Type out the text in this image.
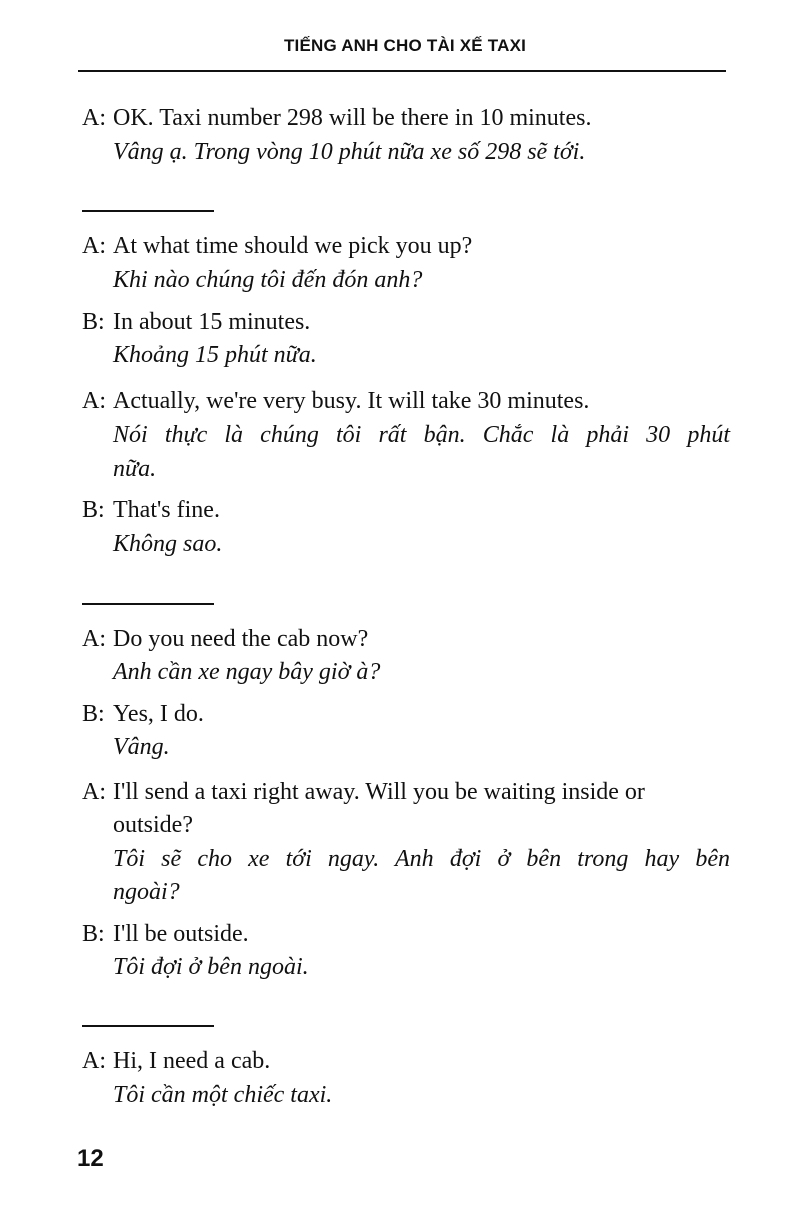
TIẾNG ANH CHO TÀI XẾ TAXI
A: OK. Taxi number 298 will be there in 10 minutes.
Vâng ạ. Trong vòng 10 phút nữa xe số 298 sẽ tới.
A: At what time should we pick you up?
Khi nào chúng tôi đến đón anh?
B: In about 15 minutes.
Khoảng 15 phút nữa.
A: Actually, we're very busy. It will take 30 minutes.
Nói thực là chúng tôi rất bận. Chắc là phải 30 phút
nữa.
B: That's fine.
Không sao.
A: Do you need the cab now?
Anh cần xe ngay bây giờ à?
B: Yes, I do.
Vâng.
A: I'll send a taxi right away. Will you be waiting inside or
outside?
Tôi sẽ cho xe tới ngay. Anh đợi ở bên trong hay bên
ngoài?
B: I'll be outside.
Tôi đợi ở bên ngoài.
A: Hi, I need a cab.
Tôi cần một chiếc taxi.
12
